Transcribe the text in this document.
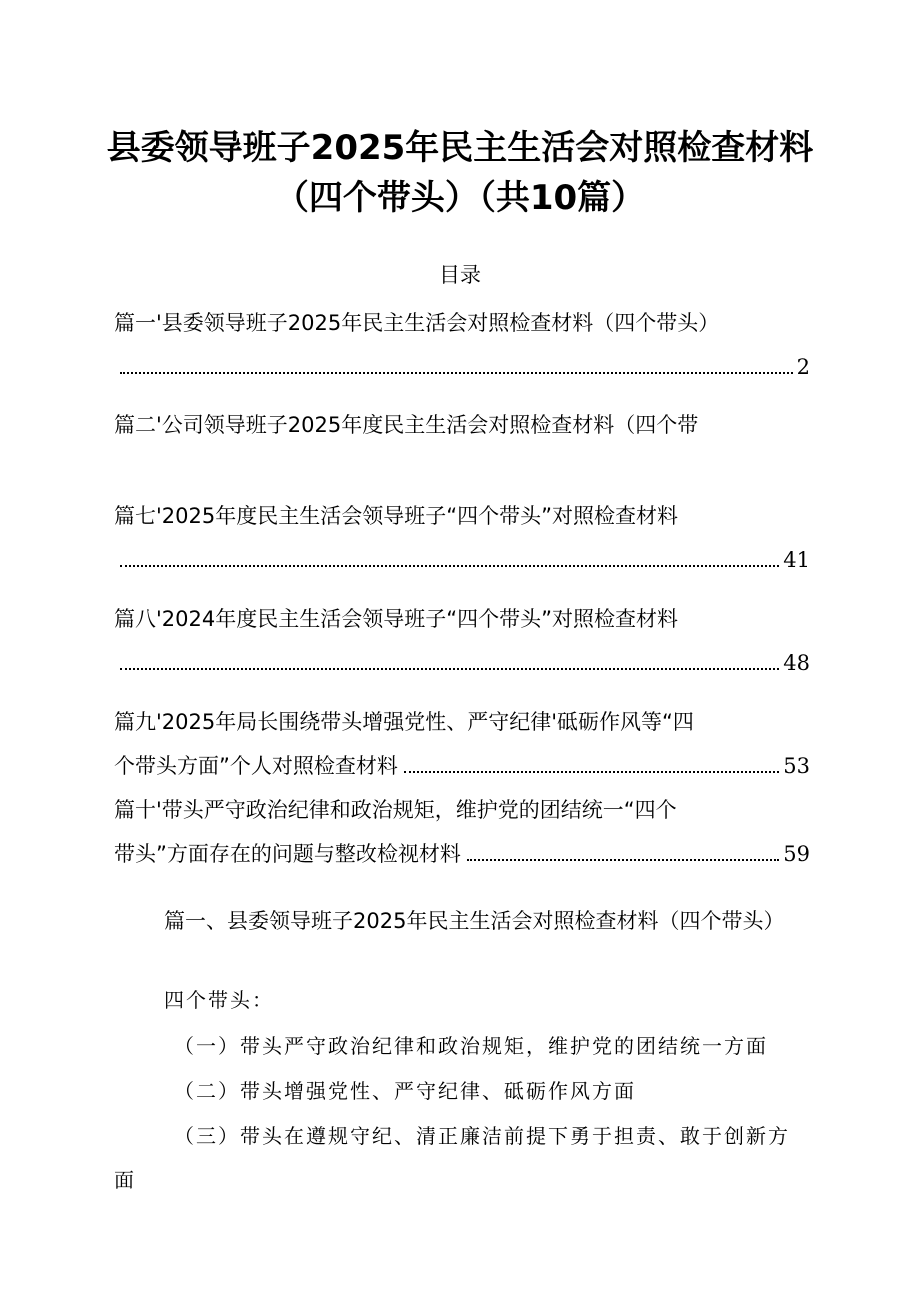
县委领导班子2025年民主生活会对照检查材料
（四个带头）（共10篇）
目录
篇一'县委领导班子2025年民主生活会对照检查材料（四个带头）
2
篇二'公司领导班子2025年度民主生活会对照检查材料（四个带
篇七'2025年度民主生活会领导班子“四个带头”对照检查材料
41
篇八'2024年度民主生活会领导班子“四个带头”对照检查材料
48
篇九'2025年局长围绕带头增强党性、严守纪律'砥砺作风等“四
个带头方面”个人对照检查材料	53
篇十'带头严守政治纪律和政治规矩，维护党的团结统一“四个
带头”方面存在的问题与整改检视材料	59
篇一、县委领导班子2025年民主生活会对照检查材料（四个带头）
四个带头：
（一）带头严守政治纪律和政治规矩，维护党的团结统一方面
（二）带头增强党性、严守纪律、砥砺作风方面
（三）带头在遵规守纪、清正廉洁前提下勇于担责、敢于创新方
面
